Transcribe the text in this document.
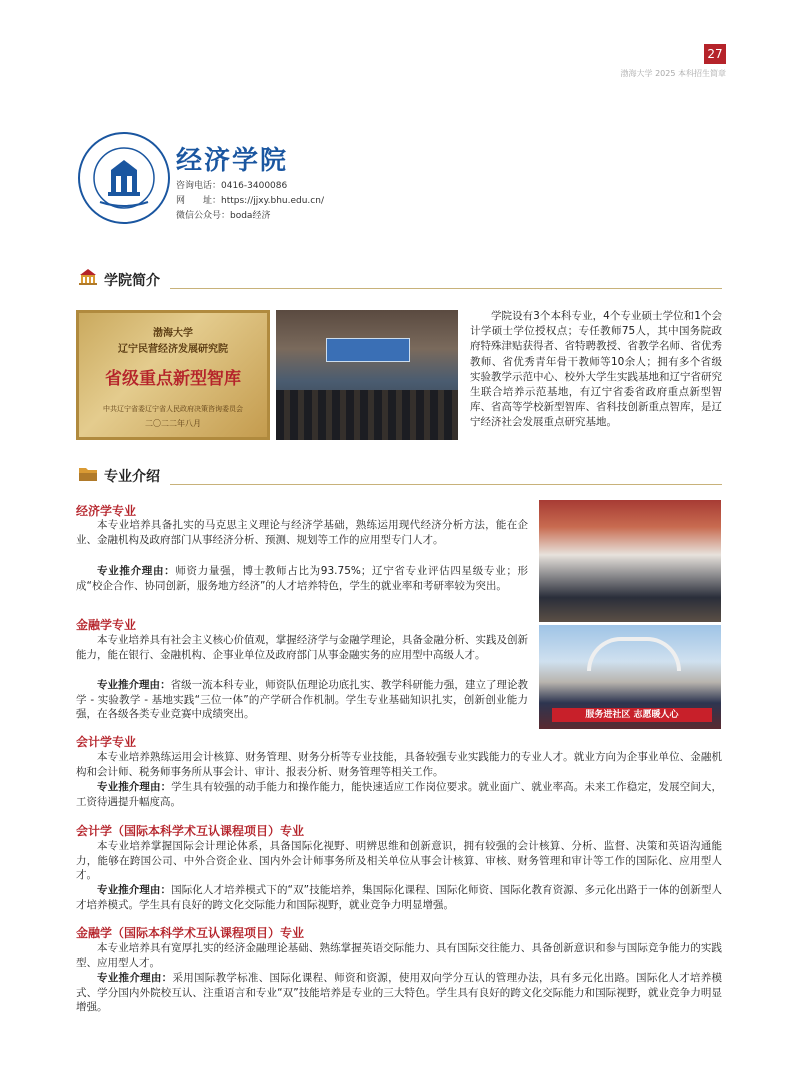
27
渤海大学 2025 本科招生简章
经济学院
咨询电话：0416-3400086
网　　址：https://jjxy.bhu.edu.cn/
微信公众号：boda经济
学院简介
渤海大学
辽宁民营经济发展研究院
省级重点新型智库
中共辽宁省委辽宁省人民政府决策咨询委员会
二〇二二年八月
学院设有3个本科专业，4个专业硕士学位和1个会计学硕士学位授权点；专任教师75人，其中国务院政府特殊津贴获得者、省特聘教授、省教学名师、省优秀教师、省优秀青年骨干教师等10余人；拥有多个省级实验教学示范中心、校外大学生实践基地和辽宁省研究生联合培养示范基地，有辽宁省委省政府重点新型智库、省高等学校新型智库、省科技创新重点智库，是辽宁经济社会发展重点研究基地。
专业介绍
服务进社区 志愿暖人心
经济学专业
本专业培养具备扎实的马克思主义理论与经济学基础，熟练运用现代经济分析方法，能在企业、金融机构及政府部门从事经济分析、预测、规划等工作的应用型专门人才。
专业推介理由：师资力量强，博士教师占比为93.75%；辽宁省专业评估四星级专业；形成“校企合作、协同创新，服务地方经济”的人才培养特色，学生的就业率和考研率较为突出。
金融学专业
本专业培养具有社会主义核心价值观，掌握经济学与金融学理论，具备金融分析、实践及创新能力，能在银行、金融机构、企事业单位及政府部门从事金融实务的应用型中高级人才。
专业推介理由：省级一流本科专业，师资队伍理论功底扎实、教学科研能力强，建立了理论教学 - 实验教学 - 基地实践“三位一体”的产学研合作机制。学生专业基础知识扎实，创新创业能力强，在各级各类专业竞赛中成绩突出。
会计学专业
本专业培养熟练运用会计核算、财务管理、财务分析等专业技能，具备较强专业实践能力的专业人才。就业方向为企事业单位、金融机构和会计师、税务师事务所从事会计、审计、报表分析、财务管理等相关工作。
专业推介理由：学生具有较强的动手能力和操作能力，能快速适应工作岗位要求。就业面广、就业率高。未来工作稳定，发展空间大，工资待遇提升幅度高。
会计学（国际本科学术互认课程项目）专业
本专业培养掌握国际会计理论体系，具备国际化视野、明辨思维和创新意识，拥有较强的会计核算、分析、监督、决策和英语沟通能力，能够在跨国公司、中外合资企业、国内外会计师事务所及相关单位从事会计核算、审核、财务管理和审计等工作的国际化、应用型人才。
专业推介理由：国际化人才培养模式下的“双”技能培养，集国际化课程、国际化师资、国际化教育资源、多元化出路于一体的创新型人才培养模式。学生具有良好的跨文化交际能力和国际视野，就业竞争力明显增强。
金融学（国际本科学术互认课程项目）专业
本专业培养具有宽厚扎实的经济金融理论基础、熟练掌握英语交际能力、具有国际交往能力、具备创新意识和参与国际竞争能力的实践型、应用型人才。
专业推介理由：采用国际教学标准、国际化课程、师资和资源，使用双向学分互认的管理办法，具有多元化出路。国际化人才培养模式、学分国内外院校互认、注重语言和专业“双”技能培养是专业的三大特色。学生具有良好的跨文化交际能力和国际视野，就业竞争力明显增强。
